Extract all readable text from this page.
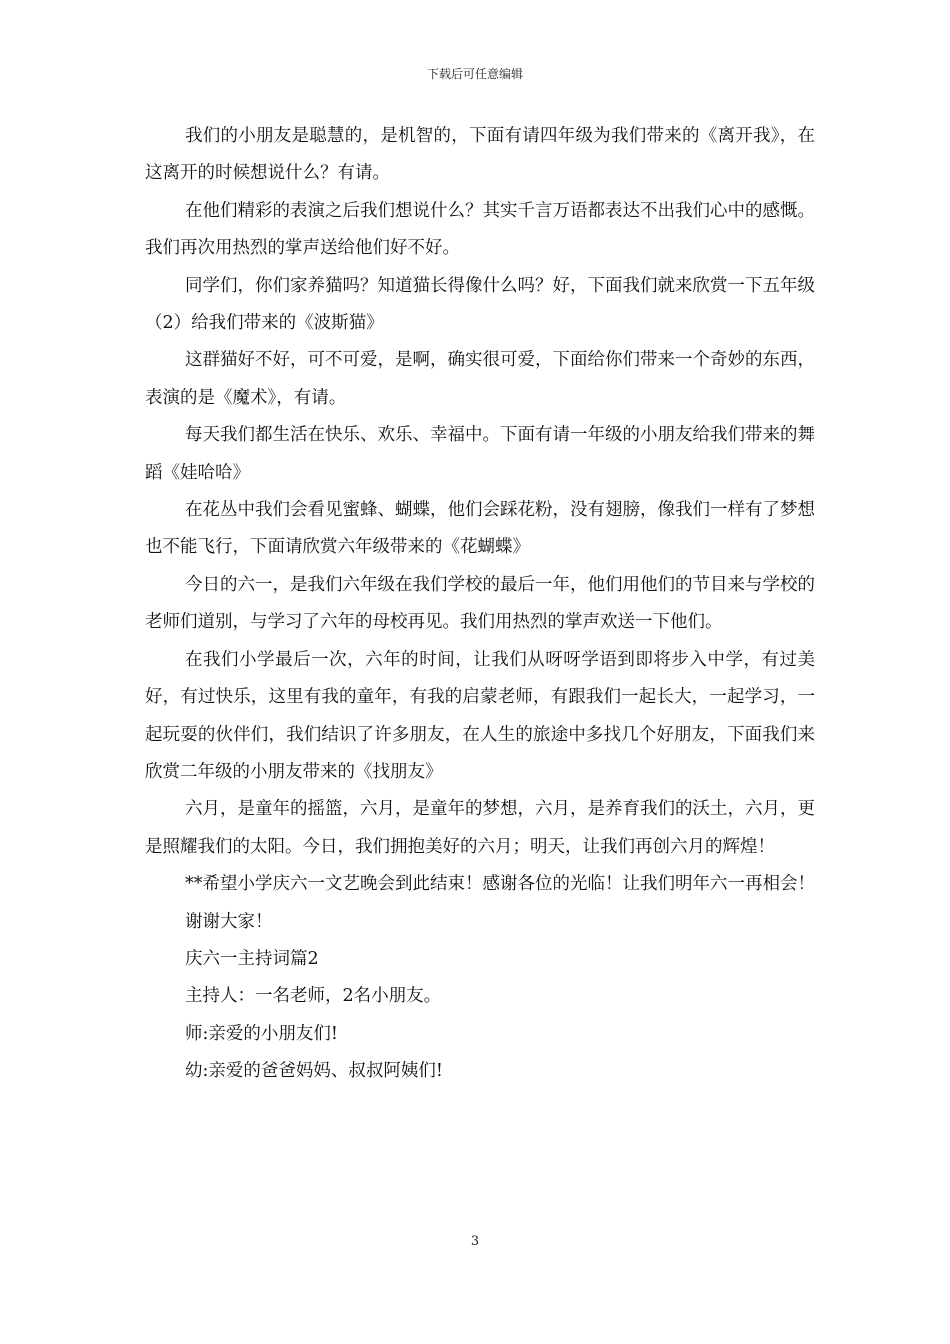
下载后可任意编辑

我们的小朋友是聪慧的，是机智的，下面有请四年级为我们带来的《离开我》，在这离开的时候想说什么？有请。

在他们精彩的表演之后我们想说什么？其实千言万语都表达不出我们心中的感慨。我们再次用热烈的掌声送给他们好不好。

同学们，你们家养猫吗？知道猫长得像什么吗？好，下面我们就来欣赏一下五年级（2）给我们带来的《波斯猫》

这群猫好不好，可不可爱，是啊，确实很可爱，下面给你们带来一个奇妙的东西，表演的是《魔术》，有请。

每天我们都生活在快乐、欢乐、幸福中。下面有请一年级的小朋友给我们带来的舞蹈《娃哈哈》

在花丛中我们会看见蜜蜂、蝴蝶，他们会踩花粉，没有翅膀，像我们一样有了梦想也不能飞行，下面请欣赏六年级带来的《花蝴蝶》

今日的六一，是我们六年级在我们学校的最后一年，他们用他们的节目来与学校的老师们道别，与学习了六年的母校再见。我们用热烈的掌声欢送一下他们。

在我们小学最后一次，六年的时间，让我们从呀呀学语到即将步入中学，有过美好，有过快乐，这里有我的童年，有我的启蒙老师，有跟我们一起长大，一起学习，一起玩耍的伙伴们，我们结识了许多朋友，在人生的旅途中多找几个好朋友，下面我们来欣赏二年级的小朋友带来的《找朋友》

六月，是童年的摇篮，六月，是童年的梦想，六月，是养育我们的沃土，六月，更是照耀我们的太阳。今日，我们拥抱美好的六月；明天，让我们再创六月的辉煌！

**希望小学庆六一文艺晚会到此结束！感谢各位的光临！让我们明年六一再相会！

谢谢大家！

庆六一主持词篇2

主持人：一名老师，2名小朋友。

师:亲爱的小朋友们!

幼:亲爱的爸爸妈妈、叔叔阿姨们!

3
